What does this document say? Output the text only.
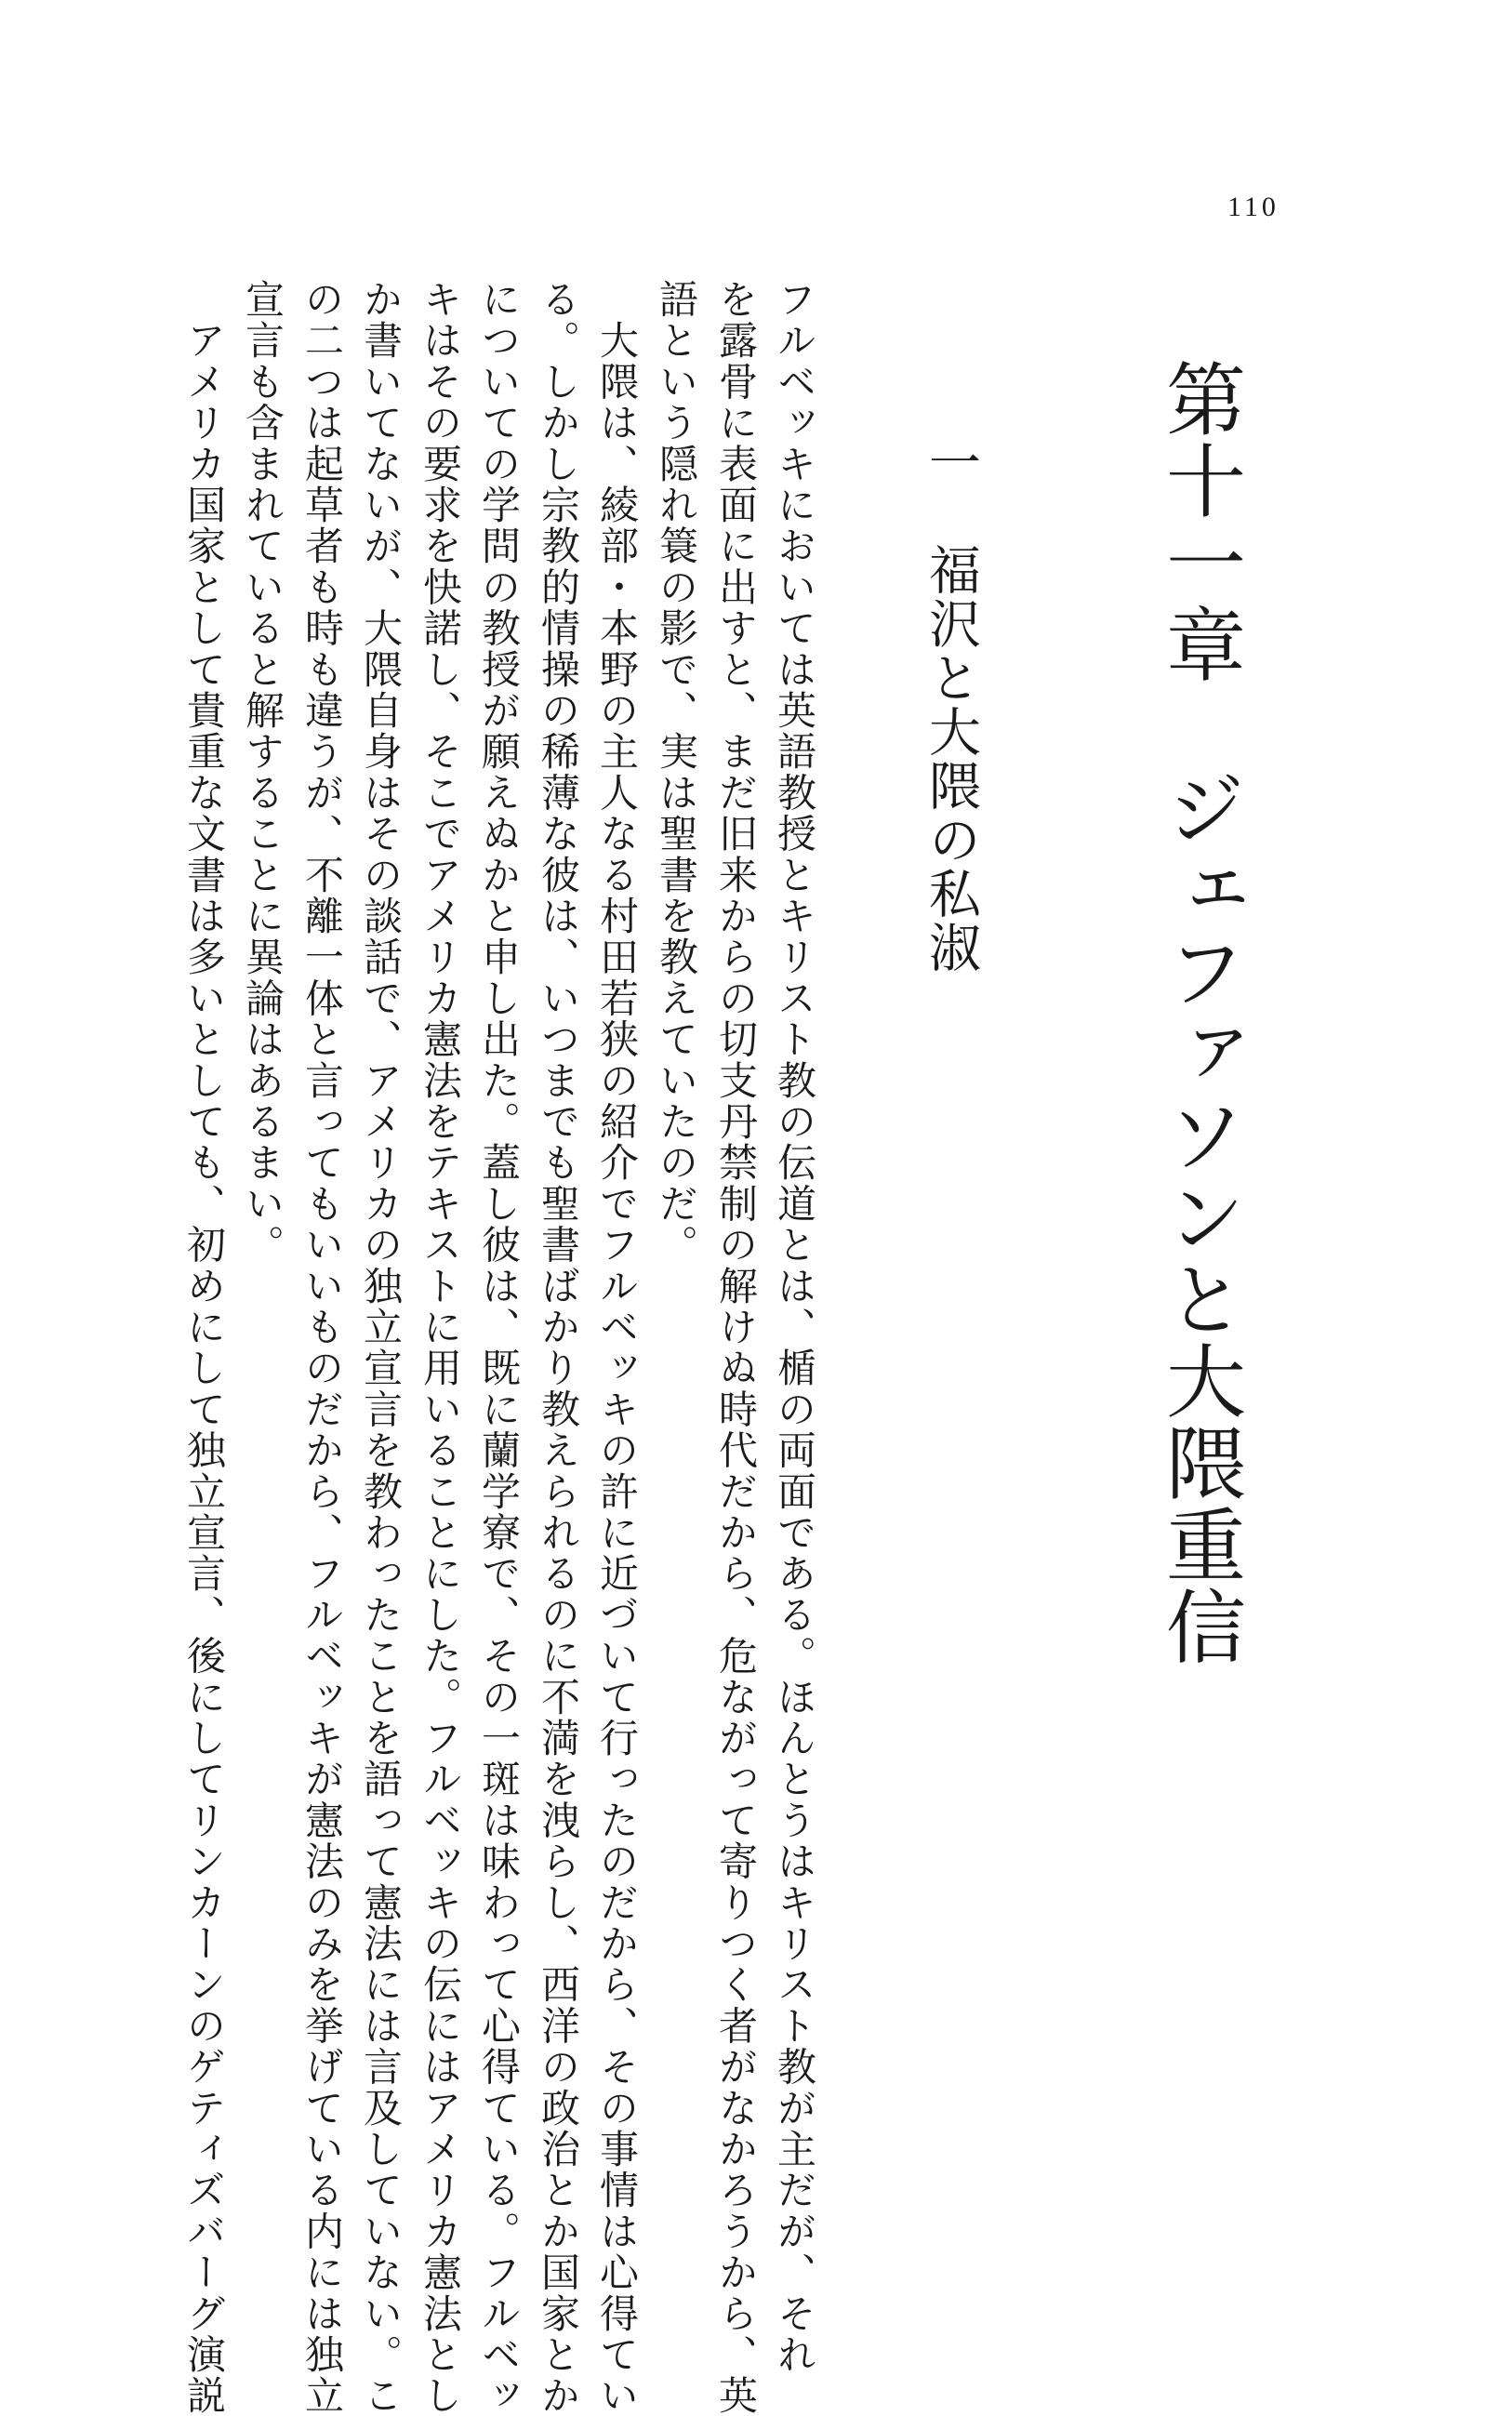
110
第十一章　ジェファソンと大隈重信
一　福沢と大隈の私淑
フルベッキにおいては英語教授とキリスト教の伝道とは、楯の両面である。ほんとうはキリスト教が主だが、それ
を露骨に表面に出すと、まだ旧来からの切支丹禁制の解けぬ時代だから、危ながって寄りつく者がなかろうから、英
語という隠れ簑の影で、実は聖書を教えていたのだ。
　大隈は、綾部・本野の主人なる村田若狭の紹介でフルベッキの許に近づいて行ったのだから、その事情は心得てい
る。しかし宗教的情操の稀薄な彼は、いつまでも聖書ばかり教えられるのに不満を洩らし、西洋の政治とか国家とか
についての学問の教授が願えぬかと申し出た。蓋し彼は、既に蘭学寮で、その一斑は味わって心得ている。フルベッ
キはその要求を快諾し、そこでアメリカ憲法をテキストに用いることにした。フルベッキの伝にはアメリカ憲法とし
か書いてないが、大隈自身はその談話で、アメリカの独立宣言を教わったことを語って憲法には言及していない。こ
の二つは起草者も時も違うが、不離一体と言ってもいいものだから、フルベッキが憲法のみを挙げている内には独立
宣言も含まれていると解することに異論はあるまい。
　アメリカ国家として貴重な文書は多いとしても、初めにして独立宣言、後にしてリンカーンのゲティズバーグ演説
